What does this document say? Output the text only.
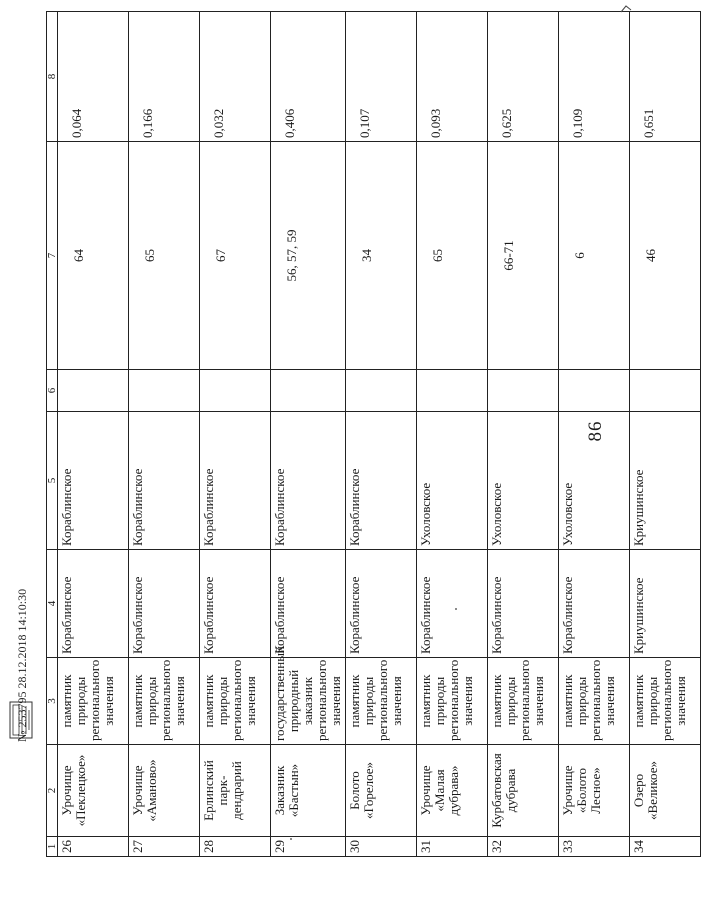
1	2	3	4	5	6	7	8
26	Урочище «Пеклецкое»	памятник природы регионального значения	Кораблинское	Кораблинское		64	0,064
27	Урочище «Аманово»	памятник природы регионального значения	Кораблинское	Кораблинское		65	0,166
28	Ерлинский парк-дендрарий	памятник природы регионального значения	Кораблинское	Кораблинское		67	0,032
29	Заказник «Бастын»	государственный природный заказник регионального значения	Кораблинское	Кораблинское		56, 57, 59	0,406
30	Болото «Горелое»	памятник природы регионального значения	Кораблинское	Кораблинское		34	0,107
31	Урочище «Малая дубрава»	памятник природы регионального значения	Кораблинское	Ухоловское		65	0,093
32	Курбатовская дубрава	памятник природы регионального значения	Кораблинское	Ухоловское		66-71	0,625
33	Урочище «Болото Лесное»	памятник природы регионального значения	Кораблинское	Ухоловское		6	0,109
34	Озеро «Великое»	памятник природы регионального значения	Криушинское	Криушинское		46	0,651
86
№ 253795 28.12.2018 14:10:30
